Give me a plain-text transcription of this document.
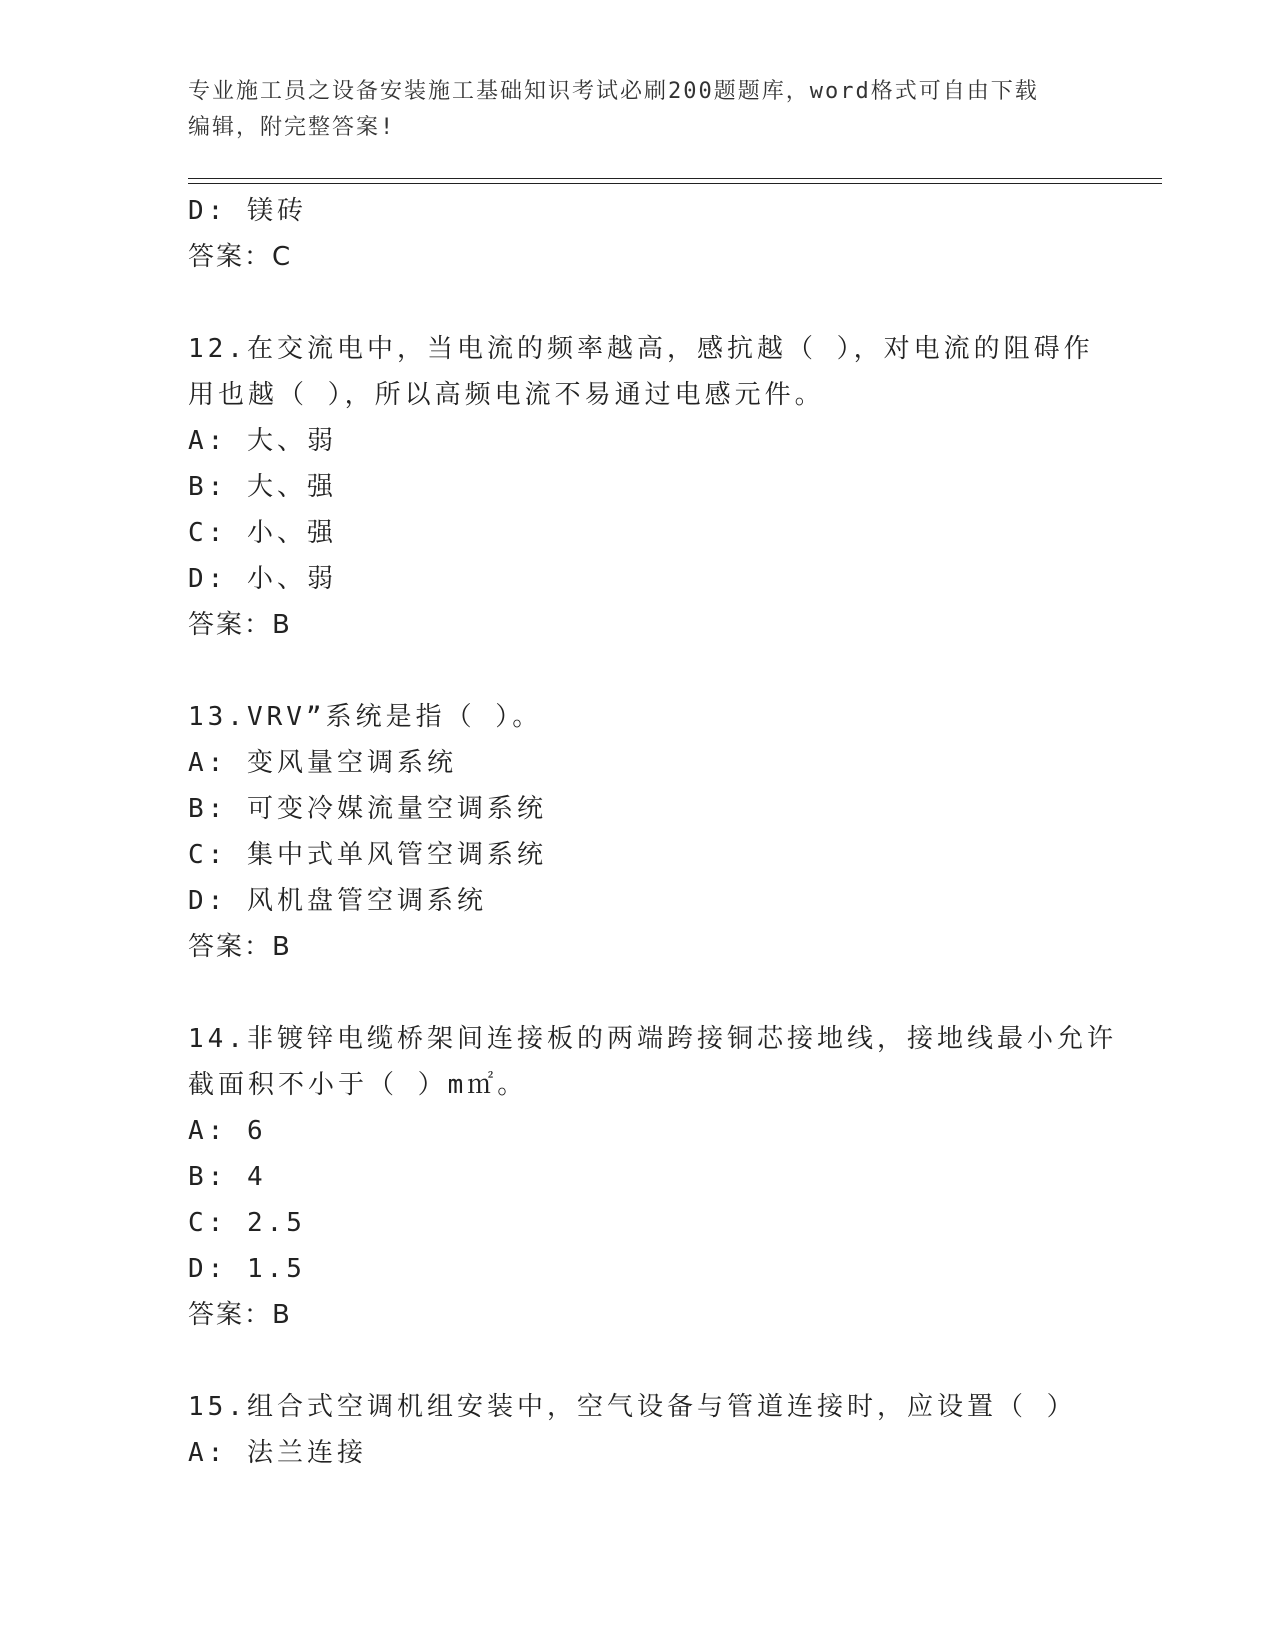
专业施工员之设备安装施工基础知识考试必刷200题题库，word格式可自由下载
编辑，附完整答案!
D: 镁砖
答案：C
12.在交流电中，当电流的频率越高，感抗越（ ），对电流的阻碍作
用也越（ ），所以高频电流不易通过电感元件。
A: 大、弱
B: 大、强
C: 小、强
D: 小、弱
答案：B
13.VRV”系统是指（ ）。
A: 变风量空调系统
B: 可变冷媒流量空调系统
C: 集中式单风管空调系统
D: 风机盘管空调系统
答案：B
14.非镀锌电缆桥架间连接板的两端跨接铜芯接地线，接地线最小允许
截面积不小于（ ）m㎡。
A: 6
B: 4
C: 2.5
D: 1.5
答案：B
15.组合式空调机组安装中，空气设备与管道连接时，应设置（ ）
A: 法兰连接
